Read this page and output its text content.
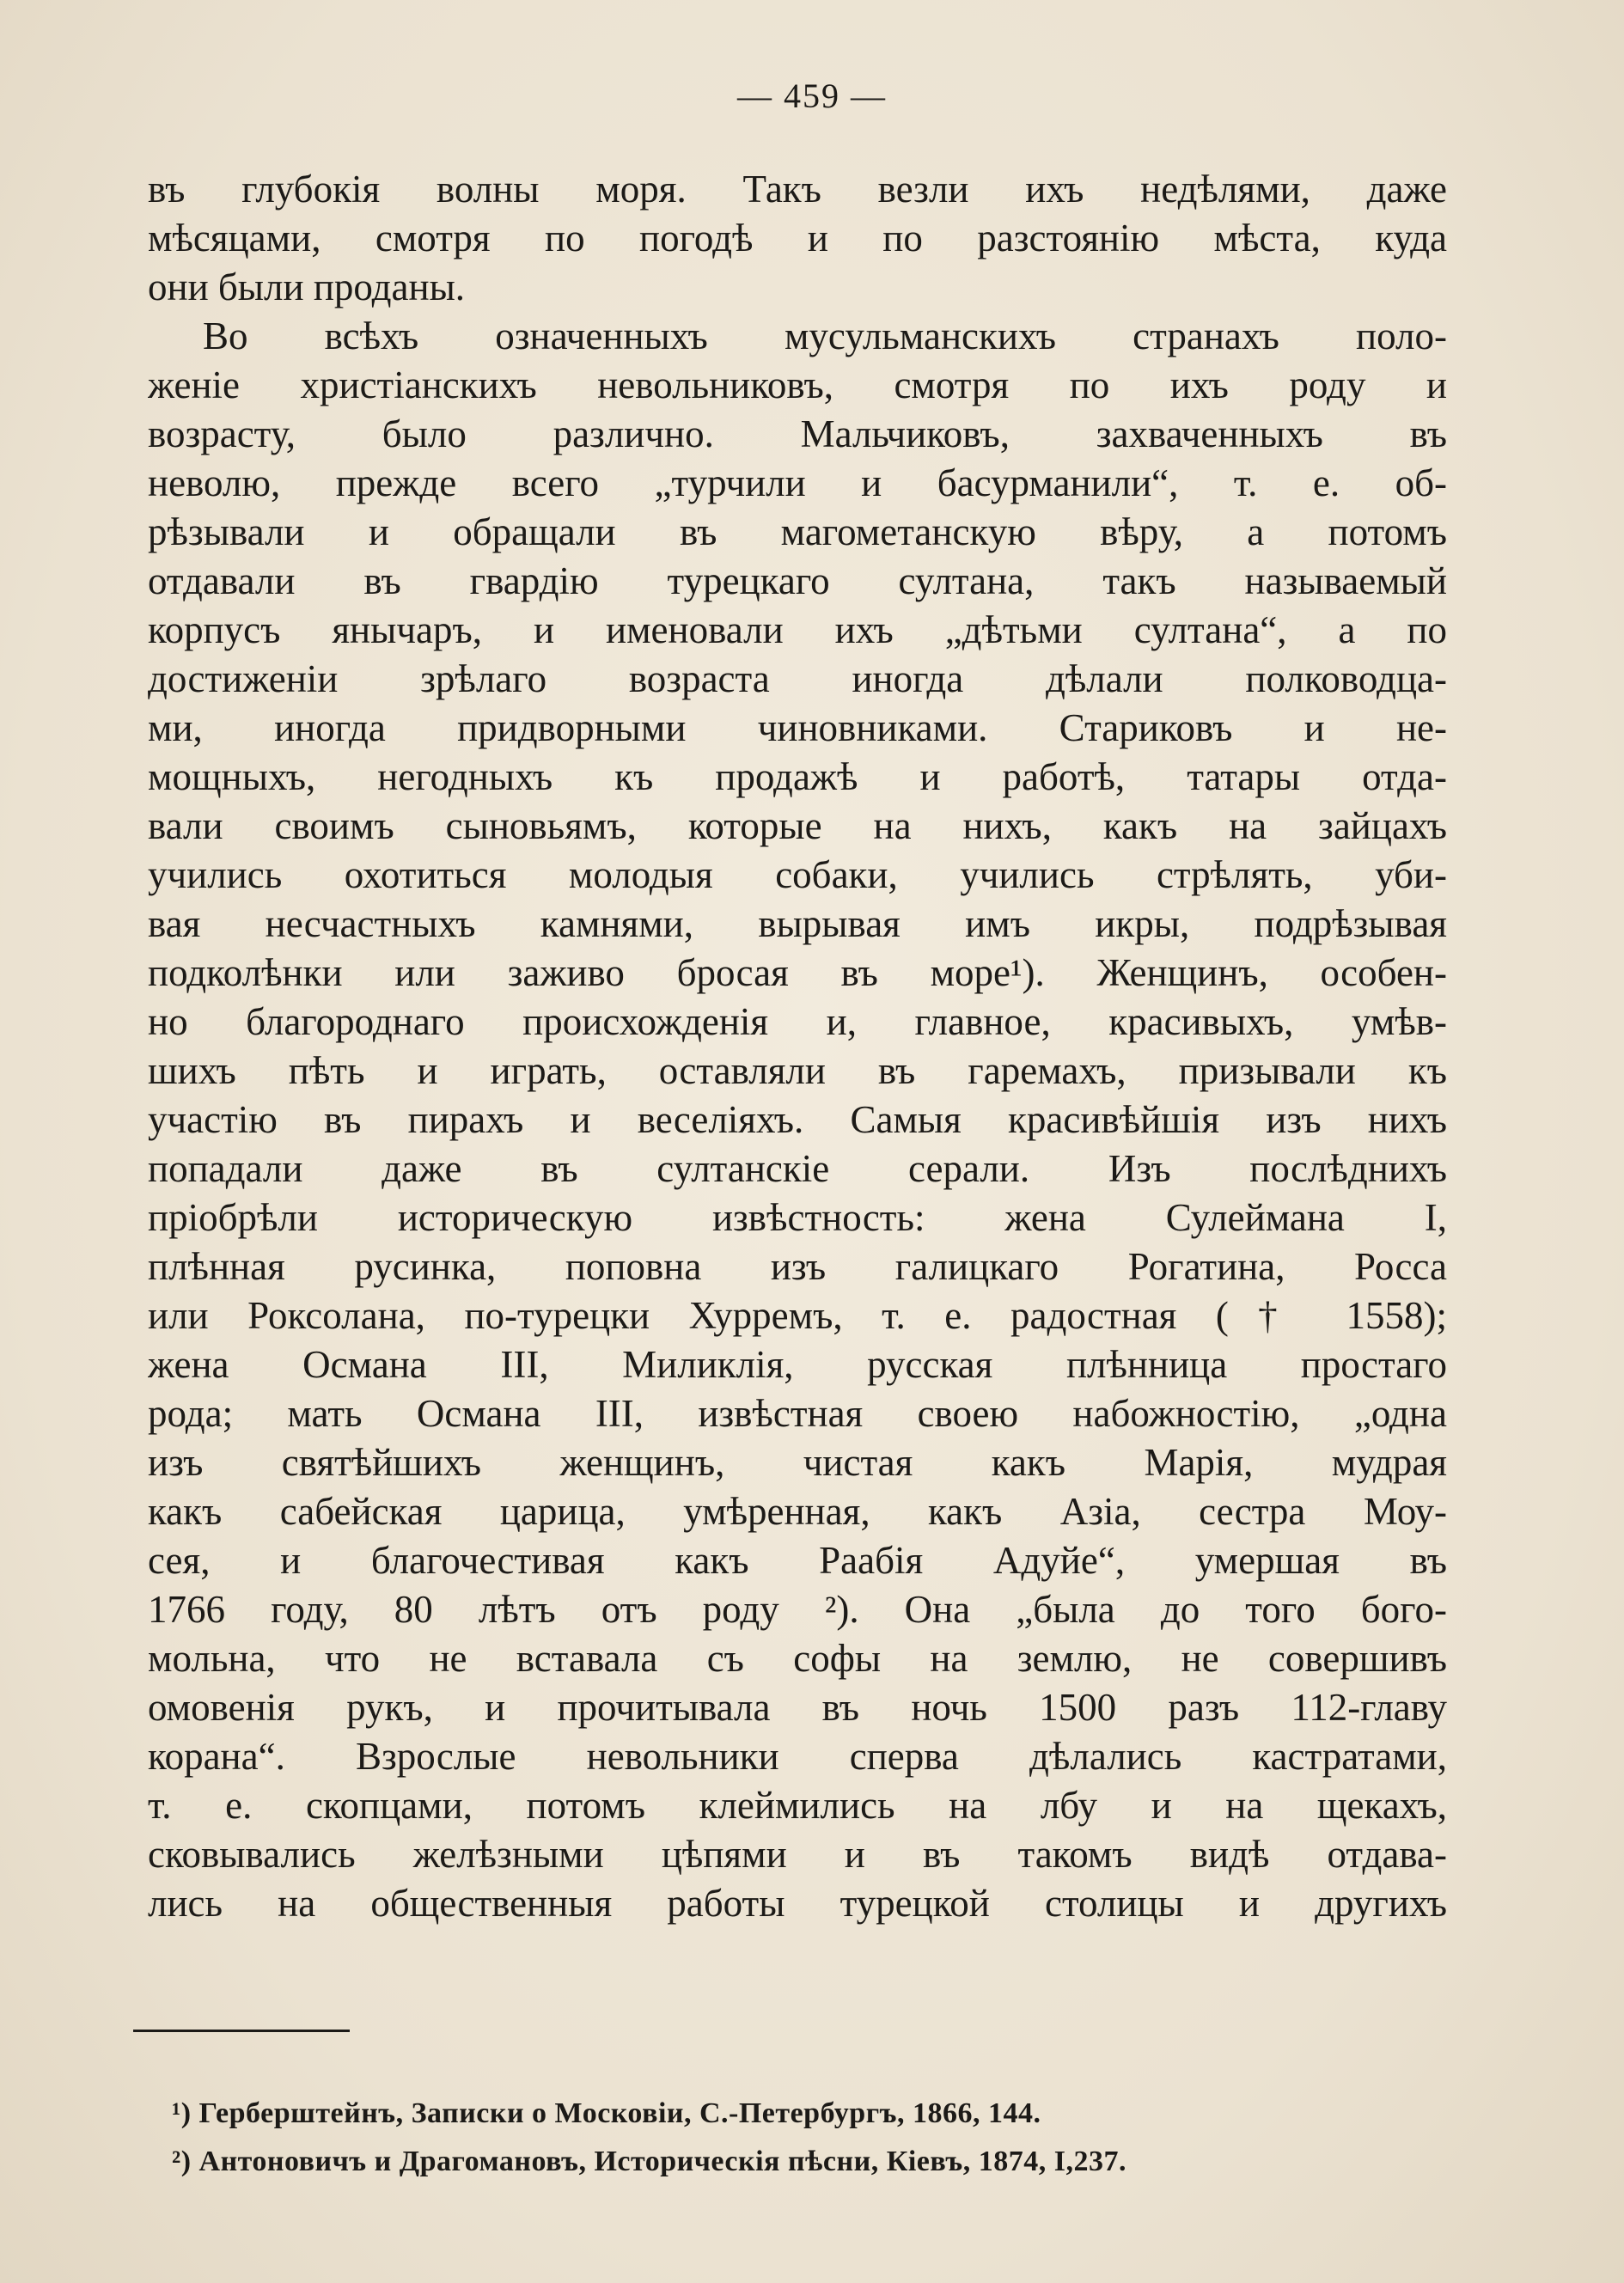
— 459 —
въ глубокія волны моря. Такъ везли ихъ недѣлями, даже
мѣсяцами, смотря по погодѣ и по разстоянію мѣста, куда
они были проданы.
Во всѣхъ означенныхъ мусульманскихъ странахъ поло-
женіе христіанскихъ невольниковъ, смотря по ихъ роду и
возрасту, было различно. Мальчиковъ, захваченныхъ въ
неволю, прежде всего „турчили и басурманили“, т. е. об-
рѣзывали и обращали въ магометанскую вѣру, а потомъ
отдавали въ гвардію турецкаго султана, такъ называемый
корпусъ янычаръ, и именовали ихъ „дѣтьми султана“, а по
достиженіи зрѣлаго возраста иногда дѣлали полководца-
ми, иногда придворными чиновниками. Стариковъ и не-
мощныхъ, негодныхъ къ продажѣ и работѣ, татары отда-
вали своимъ сыновьямъ, которые на нихъ, какъ на зайцахъ
учились охотиться молодыя собаки, учились стрѣлять, уби-
вая несчастныхъ камнями, вырывая имъ икры, подрѣзывая
подколѣнки или заживо бросая въ море¹). Женщинъ, особен-
но благороднаго происхожденія и, главное, красивыхъ, умѣв-
шихъ пѣть и играть, оставляли въ гаремахъ, призывали къ
участію въ пирахъ и веселіяхъ. Самыя красивѣйшія изъ нихъ
попадали даже въ султанскіе серали. Изъ послѣднихъ
пріобрѣли историческую извѣстность: жена Сулеймана I,
плѣнная русинка, поповна изъ галицкаго Рогатина, Росса
или Роксолана, по-турецки Хурремъ, т. е. радостная († 1558);
жена Османа III, Миликлія, русская плѣнница простаго
рода; мать Османа III, извѣстная своею набожностію, „одна
изъ святѣйшихъ женщинъ, чистая какъ Марія, мудрая
какъ сабейская царица, умѣренная, какъ Азіа, сестра Моу-
сея, и благочестивая какъ Раабія Адуйе“, умершая въ
1766 году, 80 лѣтъ отъ роду ²). Она „была до того бого-
мольна, что не вставала съ софы на землю, не совершивъ
омовенія рукъ, и прочитывала въ ночь 1500 разъ 112-главу
корана“. Взрослые невольники сперва дѣлались кастратами,
т. е. скопцами, потомъ клеймились на лбу и на щекахъ,
сковывались желѣзными цѣпями и въ такомъ видѣ отдава-
лись на общественныя работы турецкой столицы и другихъ
¹) Герберштейнъ, Записки о Московіи, С.-Петербургъ, 1866, 144.
²) Антоновичъ и Драгомановъ, Историческія пѣсни, Кіевъ, 1874, I,237.
